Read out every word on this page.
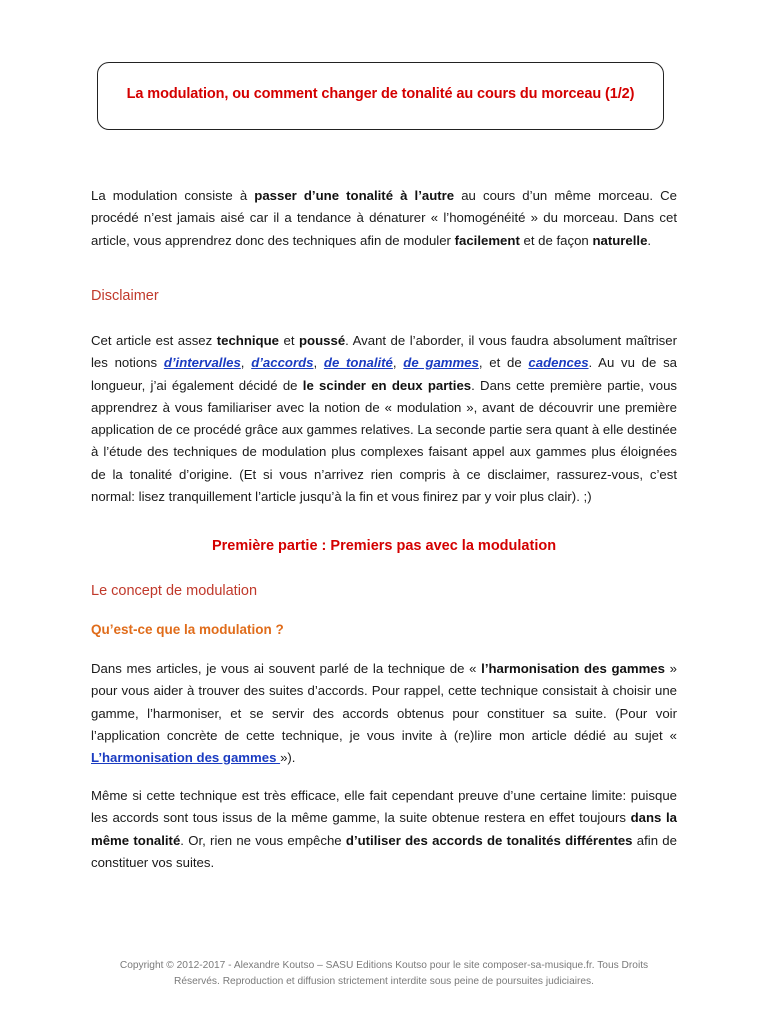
La modulation, ou comment changer de tonalité au cours du morceau (1/2)

La modulation consiste à passer d’une tonalité à l’autre au cours d’un même morceau. Ce procédé n’est jamais aisé car il a tendance à dénaturer « l’homogénéité » du morceau. Dans cet article, vous apprendrez donc des techniques afin de moduler facilement et de façon naturelle.

Disclaimer

Cet article est assez technique et poussé. Avant de l’aborder, il vous faudra absolument maîtriser les notions d’intervalles, d’accords, de tonalité, de gammes, et de cadences. Au vu de sa longueur, j’ai également décidé de le scinder en deux parties. Dans cette première partie, vous apprendrez à vous familiariser avec la notion de « modulation », avant de découvrir une première application de ce procédé grâce aux gammes relatives. La seconde partie sera quant à elle destinée à l’étude des techniques de modulation plus complexes faisant appel aux gammes plus éloignées de la tonalité d’origine. (Et si vous n’arrivez rien compris à ce disclaimer, rassurez-vous, c’est normal: lisez tranquillement l’article jusqu’à la fin et vous finirez par y voir plus clair). ;)

Première partie : Premiers pas avec la modulation
Le concept de modulation
Qu’est-ce que la modulation ?

Dans mes articles, je vous ai souvent parlé de la technique de « l’harmonisation des gammes » pour vous aider à trouver des suites d’accords. Pour rappel, cette technique consistait à choisir une gamme, l’harmoniser, et se servir des accords obtenus pour constituer sa suite. (Pour voir l’application concrète de cette technique, je vous invite à (re)lire mon article dédié au sujet « L’harmonisation des gammes »).

Même si cette technique est très efficace, elle fait cependant preuve d’une certaine limite: puisque les accords sont tous issus de la même gamme, la suite obtenue restera en effet toujours dans la même tonalité. Or, rien ne vous empêche d’utiliser des accords de tonalités différentes afin de constituer vos suites.

Copyright © 2012-2017 - Alexandre Koutso – SASU Editions Koutso pour le site composer-sa-musique.fr. Tous Droits
Réservés. Reproduction et diffusion strictement interdite sous peine de poursuites judiciaires.
